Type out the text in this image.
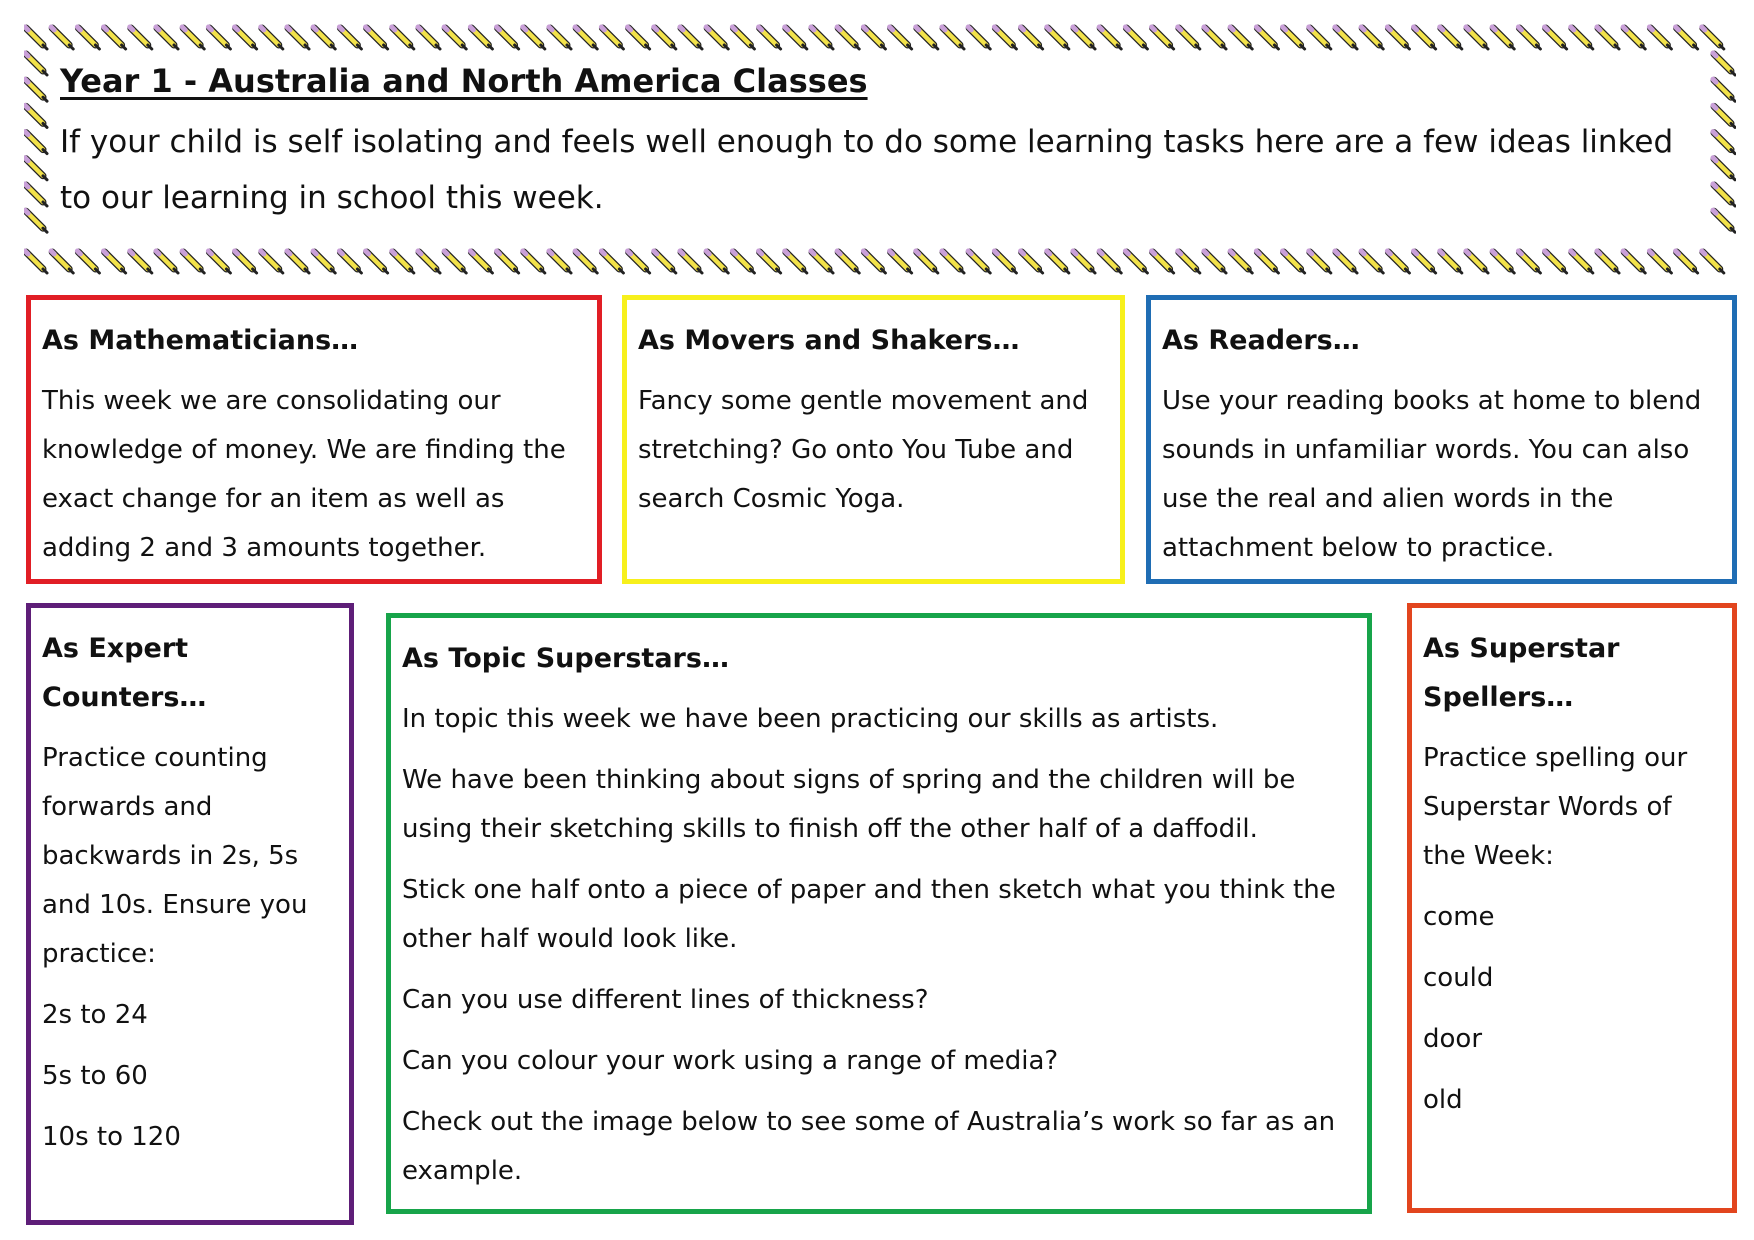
Year 1 - Australia and North America Classes

If your child is self isolating and feels well enough to do some learning tasks here are a few ideas linked to our learning in school this week.

As Mathematicians…

This week we are consolidating our knowledge of money. We are finding the exact change for an item as well as adding 2 and 3 amounts together.

As Movers and Shakers…

Fancy some gentle movement and stretching? Go onto You Tube and search Cosmic Yoga.

As Readers…

Use your reading books at home to blend sounds in unfamiliar words. You can also use the real and alien words in the attachment below to practice.

As Expert Counters…

Practice counting forwards and backwards in 2s, 5s and 10s. Ensure you practice:

2s to 24

5s to 60

10s to 120

As Topic Superstars…

In topic this week we have been practicing our skills as artists.

We have been thinking about signs of spring and the children will be using their sketching skills to finish off the other half of a daffodil.

Stick one half onto a piece of paper and then sketch what you think the other half would look like.

Can you use different lines of thickness?

Can you colour your work using a range of media?

Check out the image below to see some of Australia’s work so far as an example.

As Superstar Spellers…

Practice spelling our Superstar Words of the Week:

come

could

door

old
